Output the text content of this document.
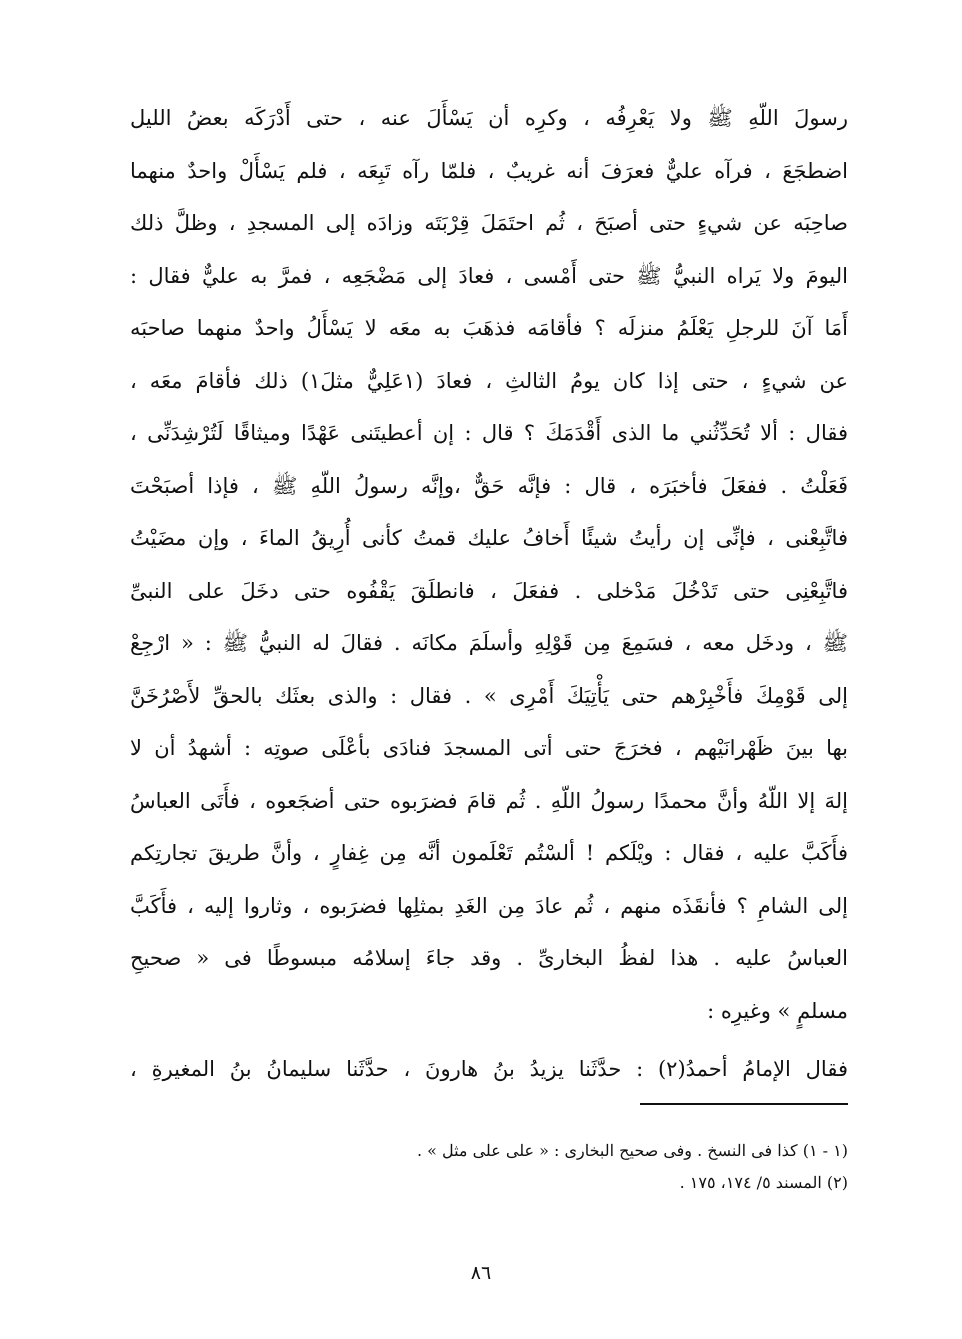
رسولَ اللّهِ ﷺ ولا يَعْرِفُه ، وكرِه أن يَسْأَلَ عنه ، حتى أَدْرَكَه بعضُ الليل
اضطجَعَ ، فرآه عليٌّ فعرَفَ أنه غريبٌ ، فلمّا رآه تَبِعَه ، فلم يَسْأَلْ واحدٌ منهما
صاحِبَه عن شيءٍ حتى أصبَحَ ، ثُم احتَمَلَ قِرْبَتَه وزادَه إلى المسجدِ ، وظلَّ ذلك
اليومَ ولا يَراه النبيُّ ﷺ حتى أَمْسى ، فعادَ إلى مَضْجَعِه ، فمرَّ به عليٌّ فقال :
أَمَا آنَ للرجلِ يَعْلَمُ منزلَه ؟ فأقامَه فذهَبَ به معَه لا يَسْأَلُ واحدٌ منهما صاحبَه
عن شيءٍ ، حتى إذا كان يومُ الثالثِ ، فعادَ (١عَلِيٌّ مثلَ١) ذلك فأقامَ معَه ،
فقال : ألا تُحَدِّثُني ما الذى أَقْدَمَكَ ؟ قال : إن أعطيتَنى عَهْدًا وميثاقًا لَتُرْشِدَنِّى ،
فَعَلْتُ . ففعَلَ فأخبَرَه ، قال : فإنَّه حَقٌّ ،وإنَّه رسولُ اللّهِ ﷺ ، فإذا أصبَحْتَ
فاتَّبِعْنى ، فإنِّى إن رأيتُ شيئًا أَخافُ عليك قمتُ كأنى أُرِيقُ الماءَ ، وإن مضَيْتُ
فاتَّبِعْنِى حتى تَدْخُلَ مَدْخلى . ففعَلَ ، فانطلَقَ يَقْفُوه حتى دخَلَ على النبىِّ
ﷺ ، ودخَل معه ، فسَمِعَ مِن قَوْلِهِ وأسلَمَ مكانَه . فقالَ له النبيُّ ﷺ : « ارْجِعْ
إلى قَوْمِكَ فأَخْبِرْهم حتى يَأْتِيَكَ أَمْرِى » . فقال : والذى بعثَك بالحقِّ لأَصْرُخَنَّ
بها بينَ ظَهْرانَيْهم ، فخرَجَ حتى أتى المسجدَ فنادَى بأعْلَى صوتِه : أشهدُ أن لا
إلهَ إلا اللّهُ وأنَّ محمدًا رسولُ اللّهِ . ثُم قامَ فضرَبوه حتى أضجَعوه ، فأَتَى العباسُ
فأَكَبَّ عليه ، فقال : ويْلَكم ! ألسْتُم تَعْلَمون أنَّه مِن غِفارٍ ، وأنَّ طريقَ تجارتِكم
إلى الشامِ ؟ فأنقَذَه منهم ، ثُم عادَ مِن الغَدِ بمثلِها فضرَبوه ، وثاروا إليه ، فأَكَبَّ
العباسُ عليه . هذا لفظُ البخارىِّ . وقد جاءَ إسلامُه مبسوطًا فى « صحيحِ
مسلمٍ » وغيرِه :
فقال الإمامُ أحمدُ(٢) : حدَّثَنا يزيدُ بنُ هارونَ ، حدَّثَنا سليمانُ بنُ المغيرةِ ،
(١ - ١) كذا فى النسخ . وفى صحيح البخارى : « على على مثل » .
(٢) المسند ٥/ ١٧٤، ١٧٥ .
٨٦
